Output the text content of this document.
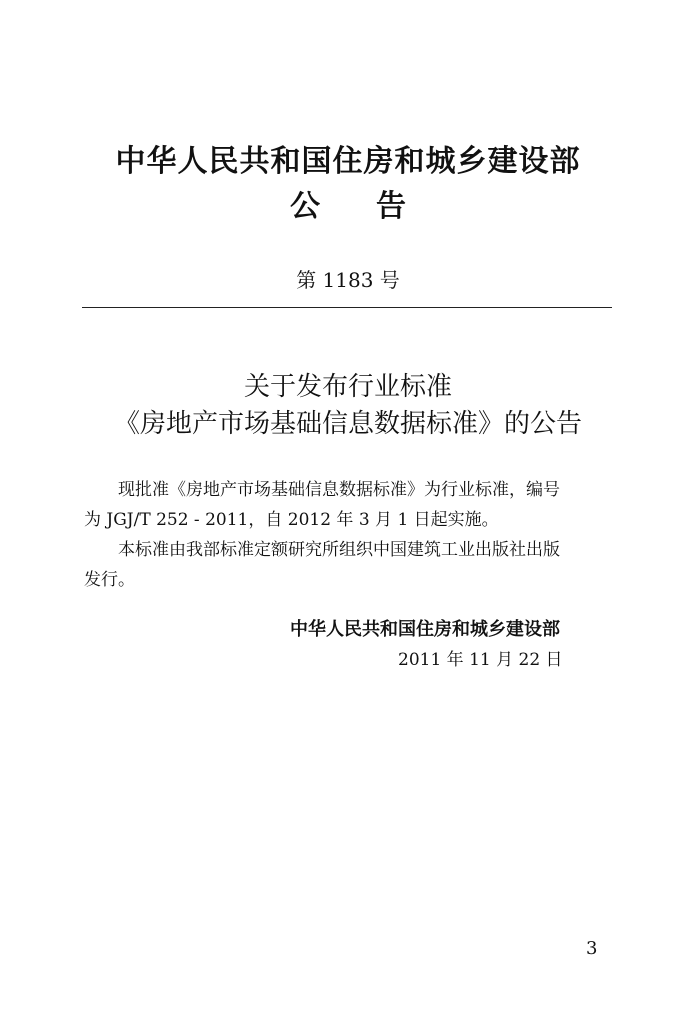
中华人民共和国住房和城乡建设部
公告
第 1183 号
关于发布行业标准
《房地产市场基础信息数据标准》的公告
现批准《房地产市场基础信息数据标准》为行业标准，编号
为 JGJ/T 252 - 2011，自 2012 年 3 月 1 日起实施。
本标准由我部标准定额研究所组织中国建筑工业出版社出版
发行。
中华人民共和国住房和城乡建设部
2011 年 11 月 22 日
3
